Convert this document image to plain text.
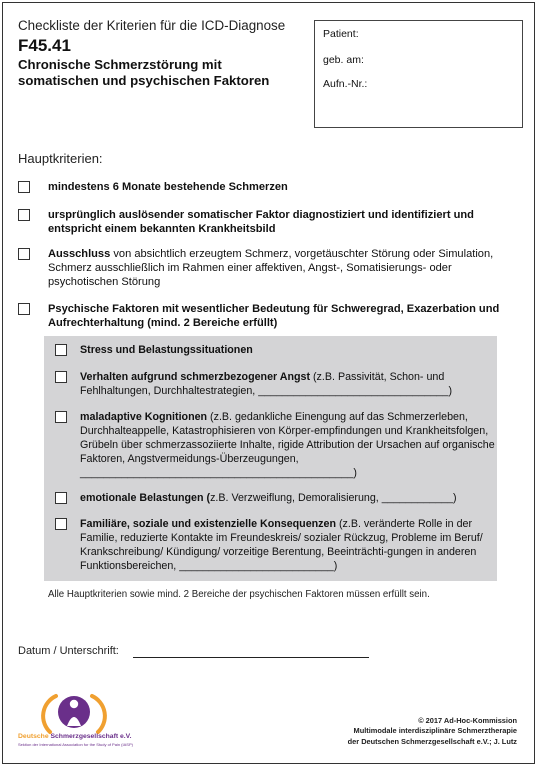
Checkliste der Kriterien für die ICD-Diagnose
F45.41
Chronische Schmerzstörung mit
somatischen und psychischen Faktoren
Patient:
geb. am:
Aufn.-Nr.:
Hauptkriterien:
mindestens 6 Monate bestehende Schmerzen
ursprünglich auslösender somatischer Faktor diagnostiziert und identifiziert und entspricht einem bekannten Krankheitsbild
Ausschluss von absichtlich erzeugtem Schmerz, vorgetäuschter Störung oder Simulation, Schmerz ausschließlich im Rahmen einer affektiven, Angst-, Somatisierungs- oder psychotischen Störung
Psychische Faktoren mit wesentlicher Bedeutung für Schweregrad, Exazerbation und Aufrechterhaltung (mind. 2 Bereiche erfüllt)
Stress und Belastungssituationen
Verhalten aufgrund schmerzbezogener Angst (z.B. Passivität, Schon- und Fehlhaltungen, Durchhaltestrategien, ________________________________)
maladaptive Kognitionen (z.B. gedankliche Einengung auf das Schmerzerleben, Durchhalteappelle, Katastrophisieren von Körper-empfindungen und Krankheitsfolgen, Grübeln über schmerzassoziierte Inhalte, rigide Attribution der Ursachen auf organische Faktoren, Angstvermeidungs-Überzeugungen, ______________________________________________)
emotionale Belastungen (z.B. Verzweiflung, Demoralisierung, ____________)
Familiäre, soziale und existenzielle Konsequenzen (z.B. veränderte Rolle in der Familie, reduzierte Kontakte im Freundeskreis/ sozialer Rückzug, Probleme im Beruf/ Krankschreibung/ Kündigung/ vorzeitige Berentung, Beeinträchti-gungen in anderen Funktionsbereichen, __________________________)
Alle Hauptkriterien sowie mind. 2 Bereiche der psychischen Faktoren müssen erfüllt sein.
Datum / Unterschrift:
Deutsche Schmerzgesellschaft e.V.
Sektion der International Association for the Study of Pain (IASP)
© 2017 Ad-Hoc-Kommission
Multimodale interdisziplinäre Schmerztherapie
der Deutschen Schmerzgesellschaft e.V.; J. Lutz
